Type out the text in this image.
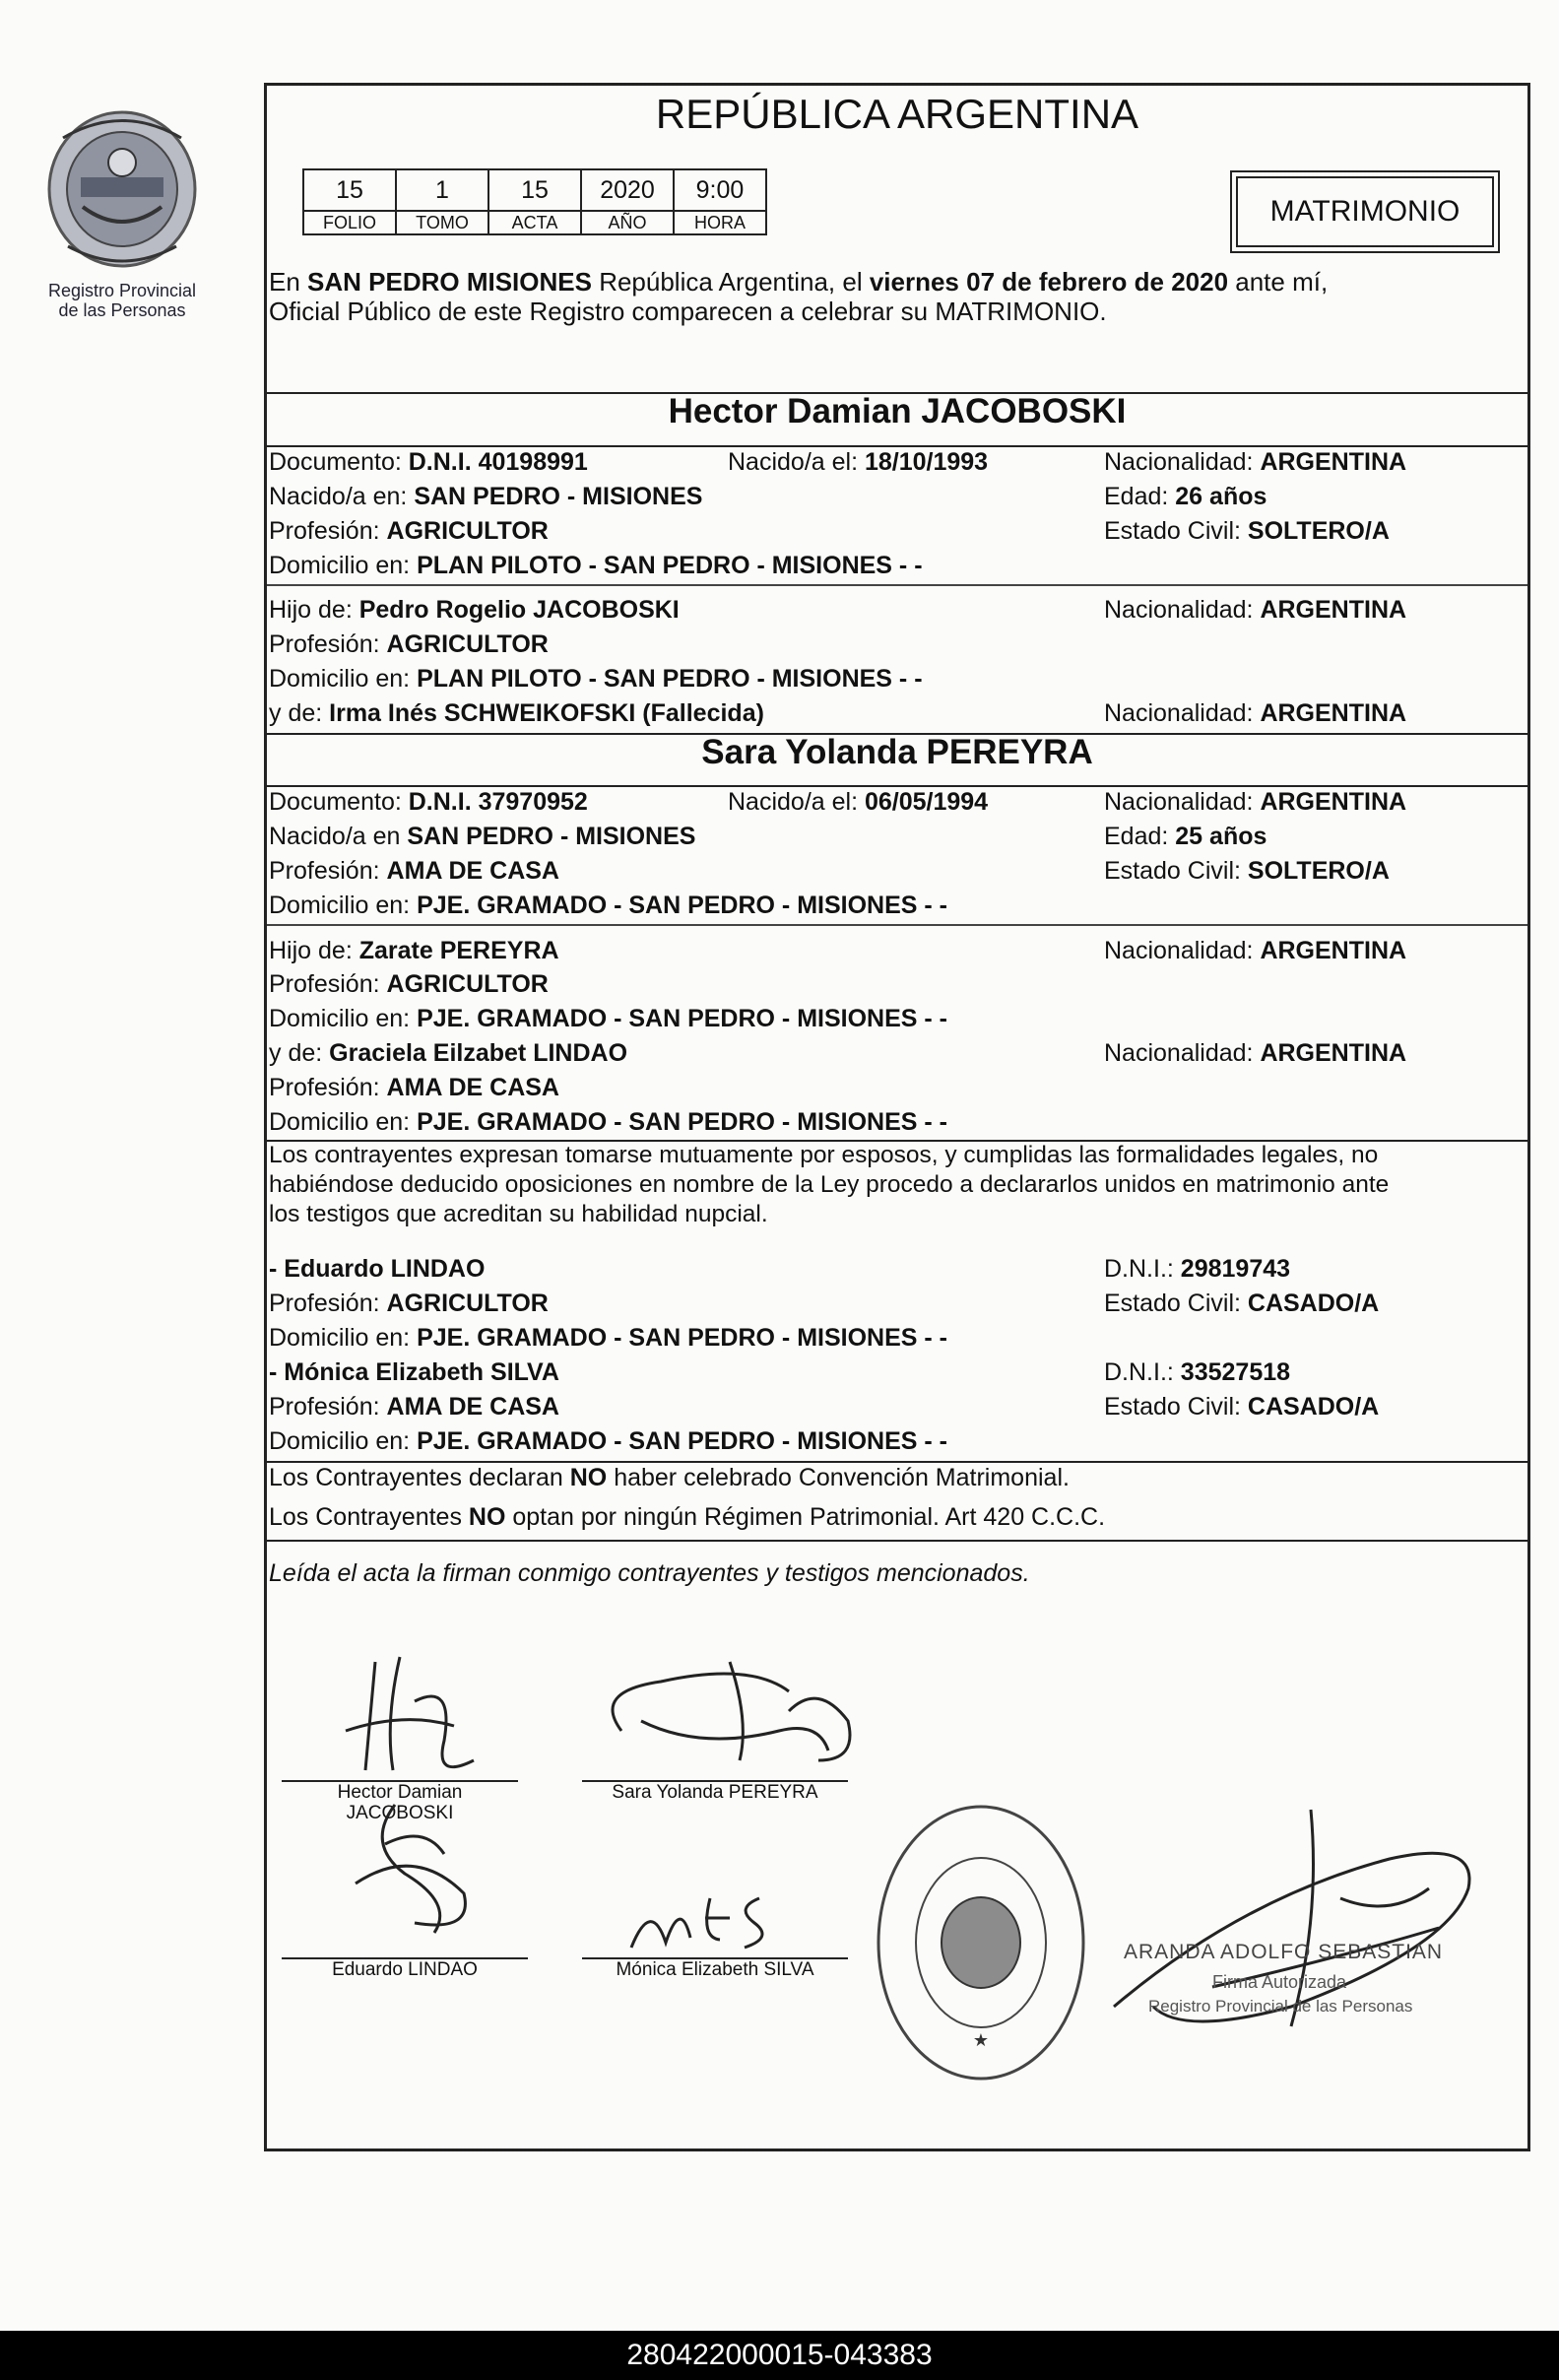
Registro Provincial
de las Personas
REPÚBLICA ARGENTINA
15	1	15	2020	9:00
FOLIO	TOMO	ACTA	AÑO	HORA	MATRIMONIO
En SAN PEDRO MISIONES República Argentina, el viernes 07 de febrero de 2020 ante mí,
Oficial Público de este Registro comparecen a celebrar su MATRIMONIO.
Hector Damian JACOBOSKI
Documento: D.N.I. 40198991	Nacido/a el: 18/10/1993	Nacionalidad: ARGENTINA
Nacido/a en: SAN PEDRO - MISIONES	Edad: 26 años
Profesión: AGRICULTOR	Estado Civil: SOLTERO/A
Domicilio en: PLAN PILOTO - SAN PEDRO - MISIONES - -
Hijo de: Pedro Rogelio JACOBOSKI	Nacionalidad: ARGENTINA
Profesión: AGRICULTOR
Domicilio en: PLAN PILOTO - SAN PEDRO - MISIONES - -
y de: Irma Inés SCHWEIKOFSKI (Fallecida)	Nacionalidad: ARGENTINA
Sara Yolanda PEREYRA
Documento: D.N.I. 37970952	Nacido/a el: 06/05/1994	Nacionalidad: ARGENTINA
Nacido/a en SAN PEDRO - MISIONES	Edad: 25 años
Profesión: AMA DE CASA	Estado Civil: SOLTERO/A
Domicilio en: PJE. GRAMADO - SAN PEDRO - MISIONES - -
Hijo de: Zarate PEREYRA	Nacionalidad: ARGENTINA
Profesión: AGRICULTOR
Domicilio en: PJE. GRAMADO - SAN PEDRO - MISIONES - -
y de: Graciela Eilzabet LINDAO	Nacionalidad: ARGENTINA
Profesión: AMA DE CASA
Domicilio en: PJE. GRAMADO - SAN PEDRO - MISIONES - -
Los contrayentes expresan tomarse mutuamente por esposos, y cumplidas las formalidades legales, no
habiéndose deducido oposiciones en nombre de la Ley procedo a declararlos unidos en matrimonio ante
los testigos que acreditan su habilidad nupcial.
- Eduardo LINDAO	D.N.I.: 29819743
Profesión: AGRICULTOR	Estado Civil: CASADO/A
Domicilio en: PJE. GRAMADO - SAN PEDRO - MISIONES - -
- Mónica Elizabeth SILVA	D.N.I.: 33527518
Profesión: AMA DE CASA	Estado Civil: CASADO/A
Domicilio en: PJE. GRAMADO - SAN PEDRO - MISIONES - -
Los Contrayentes declaran NO haber celebrado Convención Matrimonial.
Los Contrayentes NO optan por ningún Régimen Patrimonial. Art 420 C.C.C.
Leída el acta la firman conmigo contrayentes y testigos mencionados.
Hector Damian
JACOBOSKI
Sara Yolanda PEREYRA
Eduardo LINDAO	Mónica Elizabeth SILVA
★
ARANDA ADOLFO SEBASTIAN
Firma Autorizada
Registro Provincial de las Personas
280422000015-043383
